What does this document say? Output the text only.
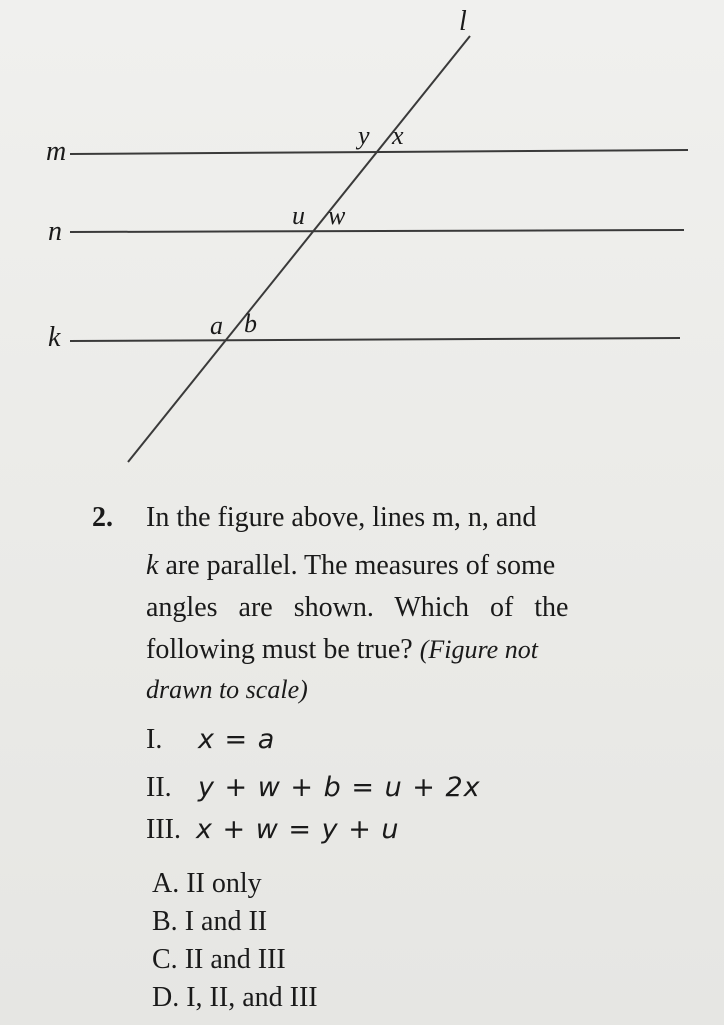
l
m
n
k
y x
u w
a b
2. In the figure above, lines m, n, and
k are parallel. The measures of some
angles are shown. Which of the
following must be true? (Figure not
drawn to scale)
I. x = a
II. y + w + b = u + 2x
III. x + w = y + u
A. II only
B. I and II
C. II and III
D. I, II, and III
